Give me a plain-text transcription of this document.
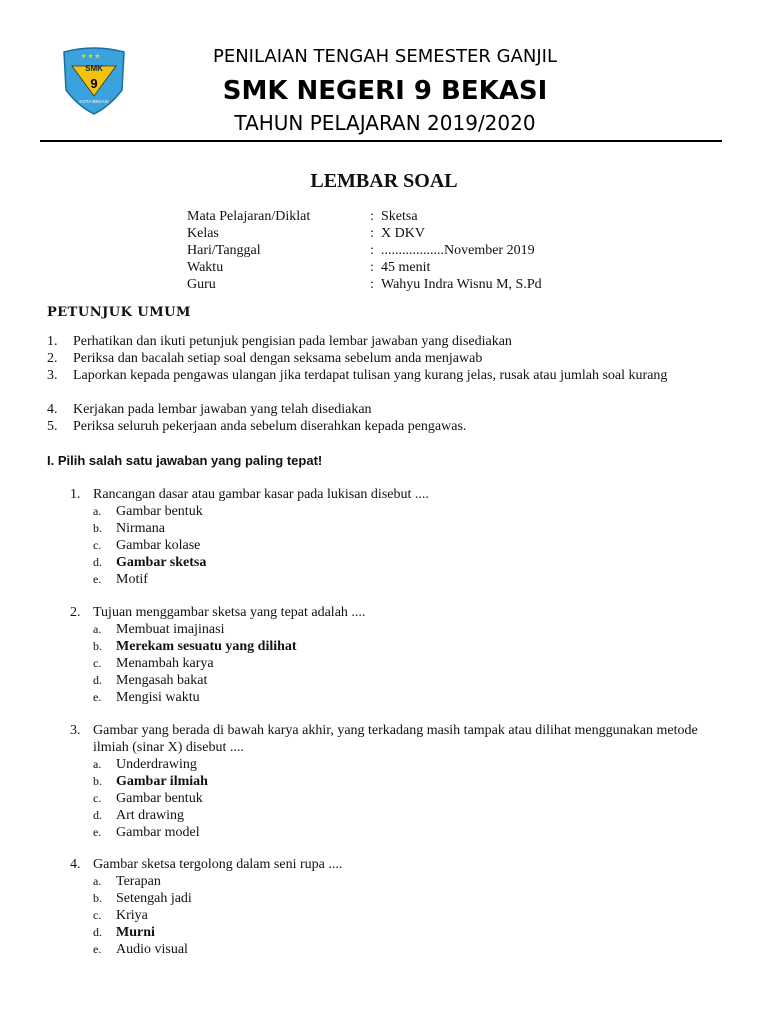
★ ★ ★
SMK
9
KOTA BEKASI
PENILAIAN TENGAH SEMESTER GANJIL
SMK NEGERI 9 BEKASI
TAHUN PELAJARAN 2019/2020
LEMBAR SOAL
Mata Pelajaran/Diklat	: Sketsa
Kelas	: X DKV
Hari/Tanggal	: ..................November 2019
Waktu	: 45 menit
Guru	: Wahyu Indra Wisnu M, S.Pd
PETUNJUK UMUM
1. Perhatikan dan ikuti petunjuk pengisian pada lembar jawaban yang disediakan
2. Periksa dan bacalah setiap soal dengan seksama sebelum anda menjawab
3. Laporkan kepada pengawas ulangan jika terdapat tulisan yang kurang jelas, rusak atau jumlah soal kurang
4. Kerjakan pada lembar jawaban yang telah disediakan
5. Periksa seluruh pekerjaan anda sebelum diserahkan kepada pengawas.
I. Pilih salah satu jawaban yang paling tepat!
1. Rancangan dasar atau gambar kasar pada lukisan disebut ....
a. Gambar bentuk
b. Nirmana
c. Gambar kolase
d. Gambar sketsa
e. Motif
2. Tujuan menggambar sketsa yang tepat adalah ....
a. Membuat imajinasi
b. Merekam sesuatu yang dilihat
c. Menambah karya
d. Mengasah bakat
e. Mengisi waktu
3. Gambar yang berada di bawah karya akhir, yang terkadang masih tampak atau dilihat menggunakan metode ilmiah (sinar X) disebut ....
a. Underdrawing
b. Gambar ilmiah
c. Gambar bentuk
d. Art drawing
e. Gambar model
4. Gambar sketsa tergolong dalam seni rupa ....
a. Terapan
b. Setengah jadi
c. Kriya
d. Murni
e. Audio visual
